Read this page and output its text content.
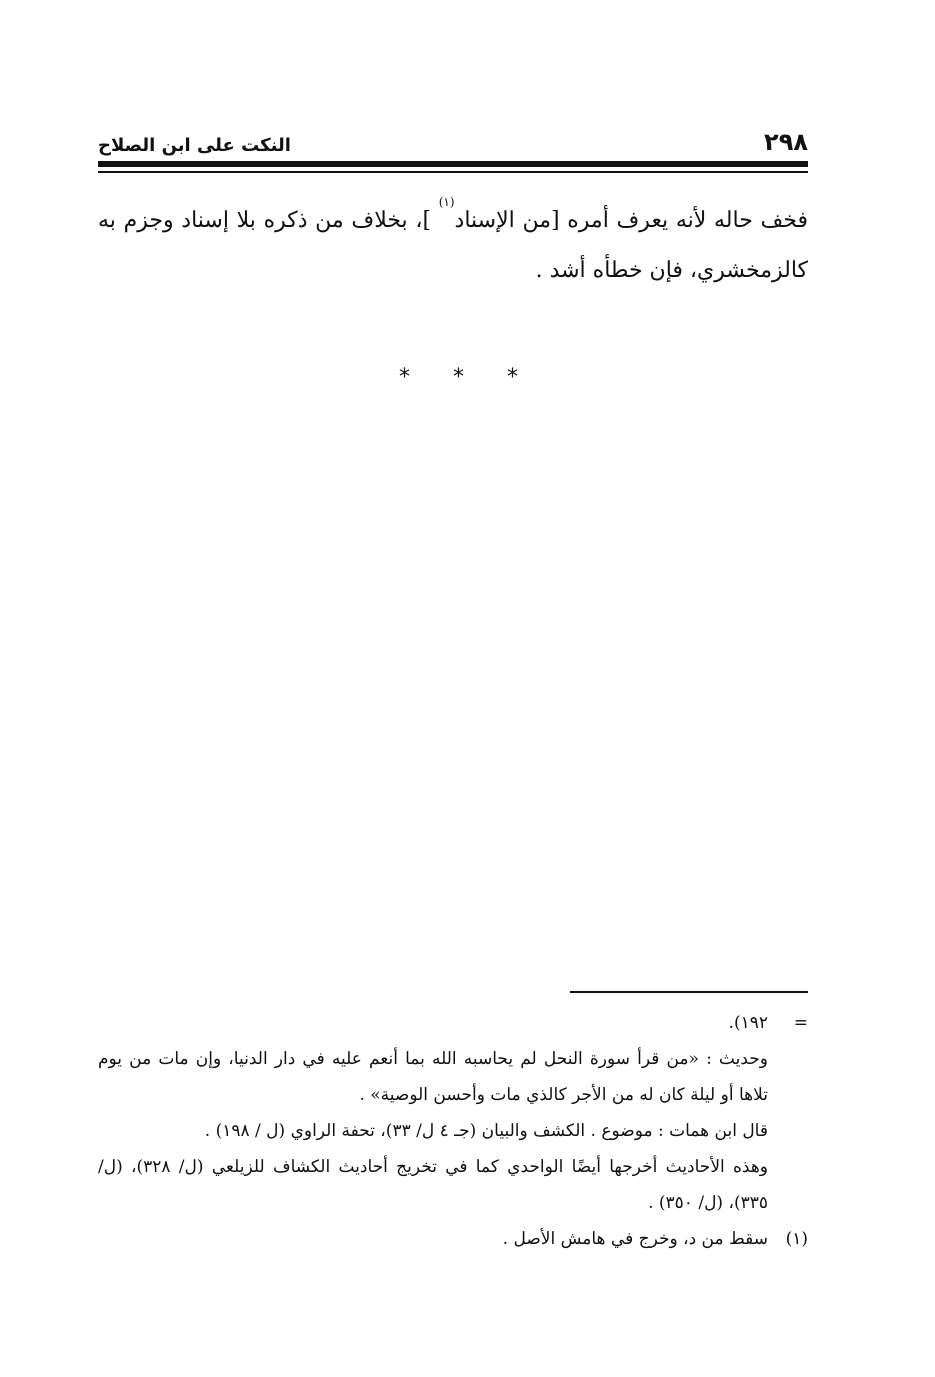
٢٩٨
النكت على ابن الصلاح

فخف حاله لأنه يعرف أمره [من الإسناد$^{(١)}$ ]، بخلاف من ذكره بلا إسناد وجزم به كالزمخشري، فإن خطأه أشد .

* * *
=

١٩٢).

وحديث : «من قرأ سورة النحل لم يحاسبه الله بما أنعم عليه في دار الدنيا، وإن مات من يوم تلاها أو ليلة كان له من الأجر كالذي مات وأحسن الوصية» .

قال ابن همات : موضوع . الكشف والبيان (جـ ٤ ل/ ٣٣)، تحفة الراوي (ل / ١٩٨) .

وهذه الأحاديث أخرجها أيضًا الواحدي كما في تخريج أحاديث الكشاف للزيلعي (ل/ ٣٢٨)، (ل/ ٣٣٥)، (ل/ ٣٥٠) .

(١)
سقط من د، وخرج في هامش الأصل .
